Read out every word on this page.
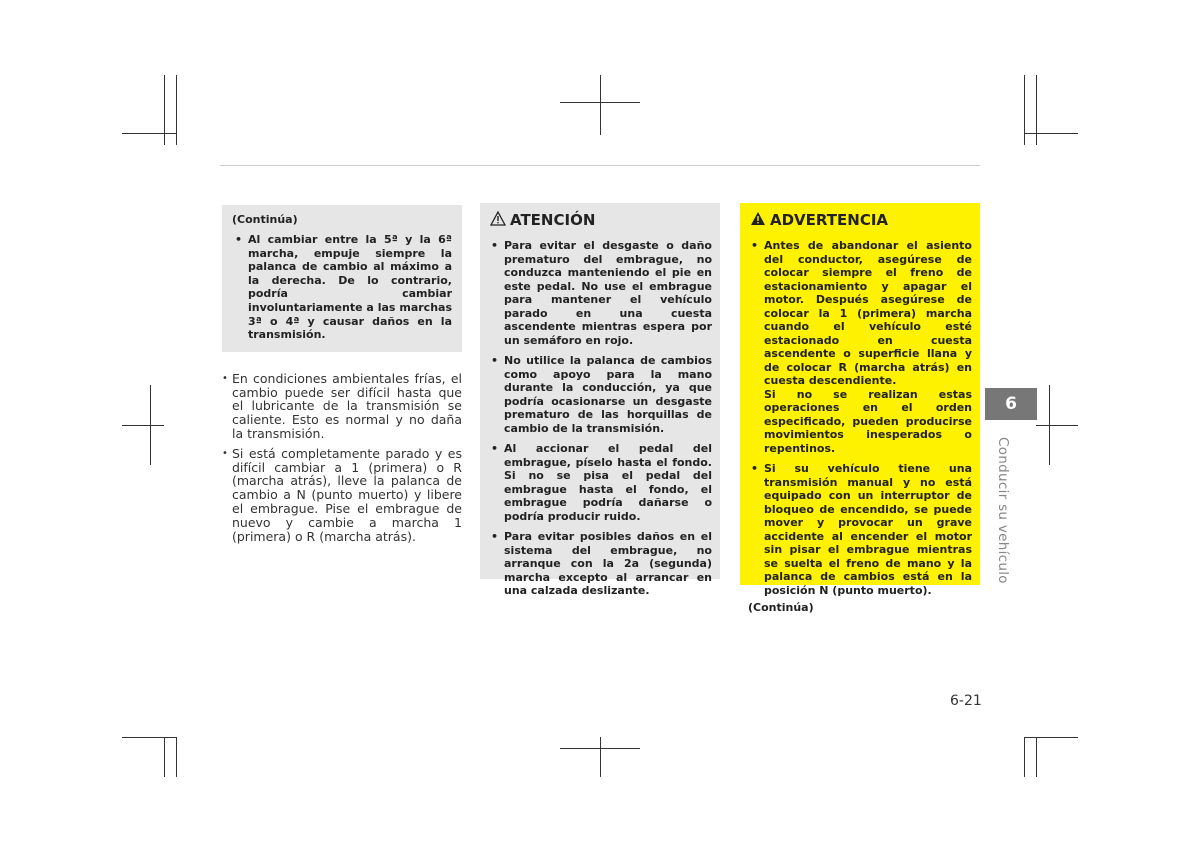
(Continúa)
• Al cambiar entre la 5ª y la 6ª marcha, empuje siempre la palanca de cambio al máximo a la derecha. De lo contrario, podría cambiar involuntariamente a las marchas 3ª o 4ª y causar daños en la transmisión.

• En condiciones ambientales frías, el cambio puede ser difícil hasta que el lubricante de la transmisión se caliente. Esto es normal y no daña la transmisión.

• Si está completamente parado y es difícil cambiar a 1 (primera) o R (marcha atrás), lleve la palanca de cambio a N (punto muerto) y libere el embrague. Pise el embrague de nuevo y cambie a marcha 1 (primera) o R (marcha atrás).

ATENCIÓN
• Para evitar el desgaste o daño prematuro del embrague, no conduzca manteniendo el pie en este pedal. No use el embrague para mantener el vehículo parado en una cuesta ascendente mientras espera por un semáforo en rojo.
• No utilice la palanca de cambios como apoyo para la mano durante la conducción, ya que podría ocasionarse un desgaste prematuro de las horquillas de cambio de la transmisión.
• Al accionar el pedal del embrague, píselo hasta el fondo. Si no se pisa el pedal del embrague hasta el fondo, el embrague podría dañarse o podría producir ruido.
• Para evitar posibles daños en el sistema del embrague, no arranque con la 2a (segunda) marcha excepto al arrancar en una calzada deslizante.
ADVERTENCIA
• Antes de abandonar el asiento del conductor, asegúrese de colocar siempre el freno de estacionamiento y apagar el motor. Después asegúrese de colocar la 1 (primera) marcha cuando el vehículo esté estacionado en cuesta ascendente o superficie llana y de colocar R (marcha atrás) en cuesta descendiente.
Si no se realizan estas operaciones en el orden especificado, pueden producirse movimientos inesperados o repentinos.
• Si su vehículo tiene una transmisión manual y no está equipado con un interruptor de bloqueo de encendido, se puede mover y provocar un grave accidente al encender el motor sin pisar el embrague mientras se suelta el freno de mano y la palanca de cambios está en la posición N (punto muerto).
(Continúa)
6
Conducir su vehículo
6-21
